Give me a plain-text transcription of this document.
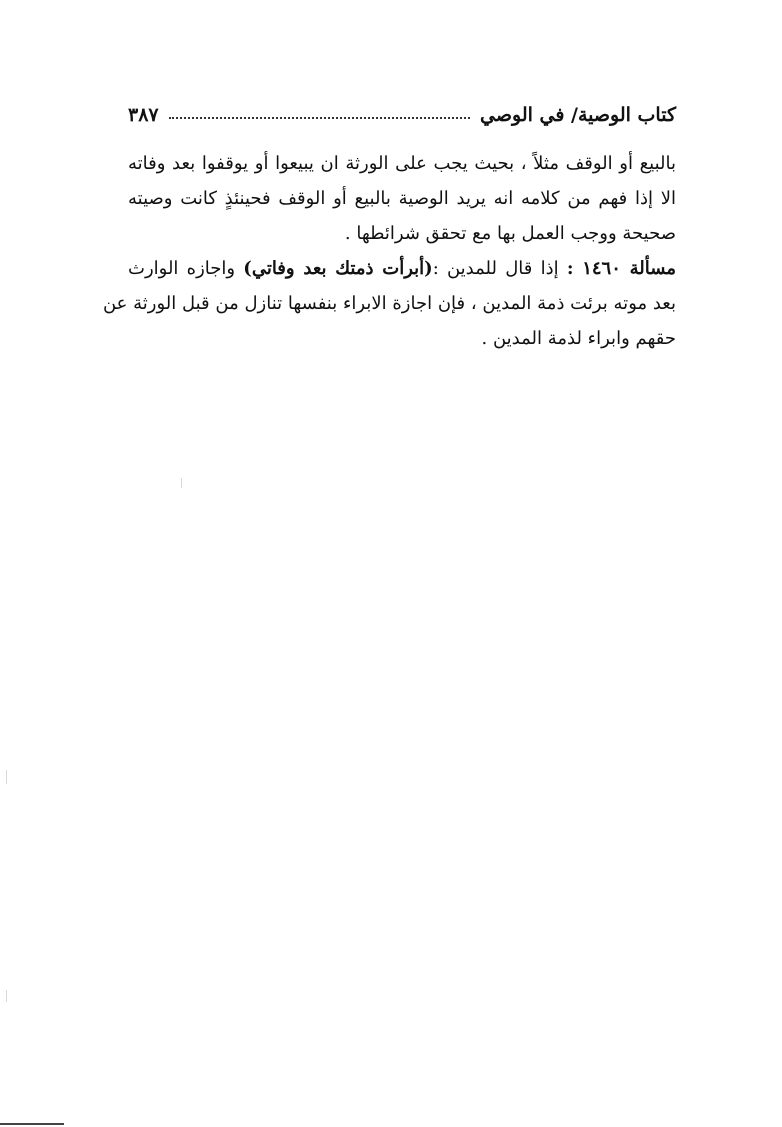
كتاب الوصية/ في الوصي
٣٨٧
بالبيع أو الوقف مثلاً ، بحيث يجب على الورثة ان يبيعوا أو يوقفوا بعد وفاته
الا إذا فهم من كلامه انه يريد الوصية بالبيع أو الوقف فحينئذٍ كانت وصيته
صحيحة ووجب العمل بها مع تحقق شرائطها .
مسألة ١٤٦٠ : إذا قال للمدين :(أبرأت ذمتك بعد وفاتي) واجازه الوارث
بعد موته برئت ذمة المدين ، فإن اجازة الابراء بنفسها تنازل من قبل الورثة عن
حقهم وابراء لذمة المدين .
